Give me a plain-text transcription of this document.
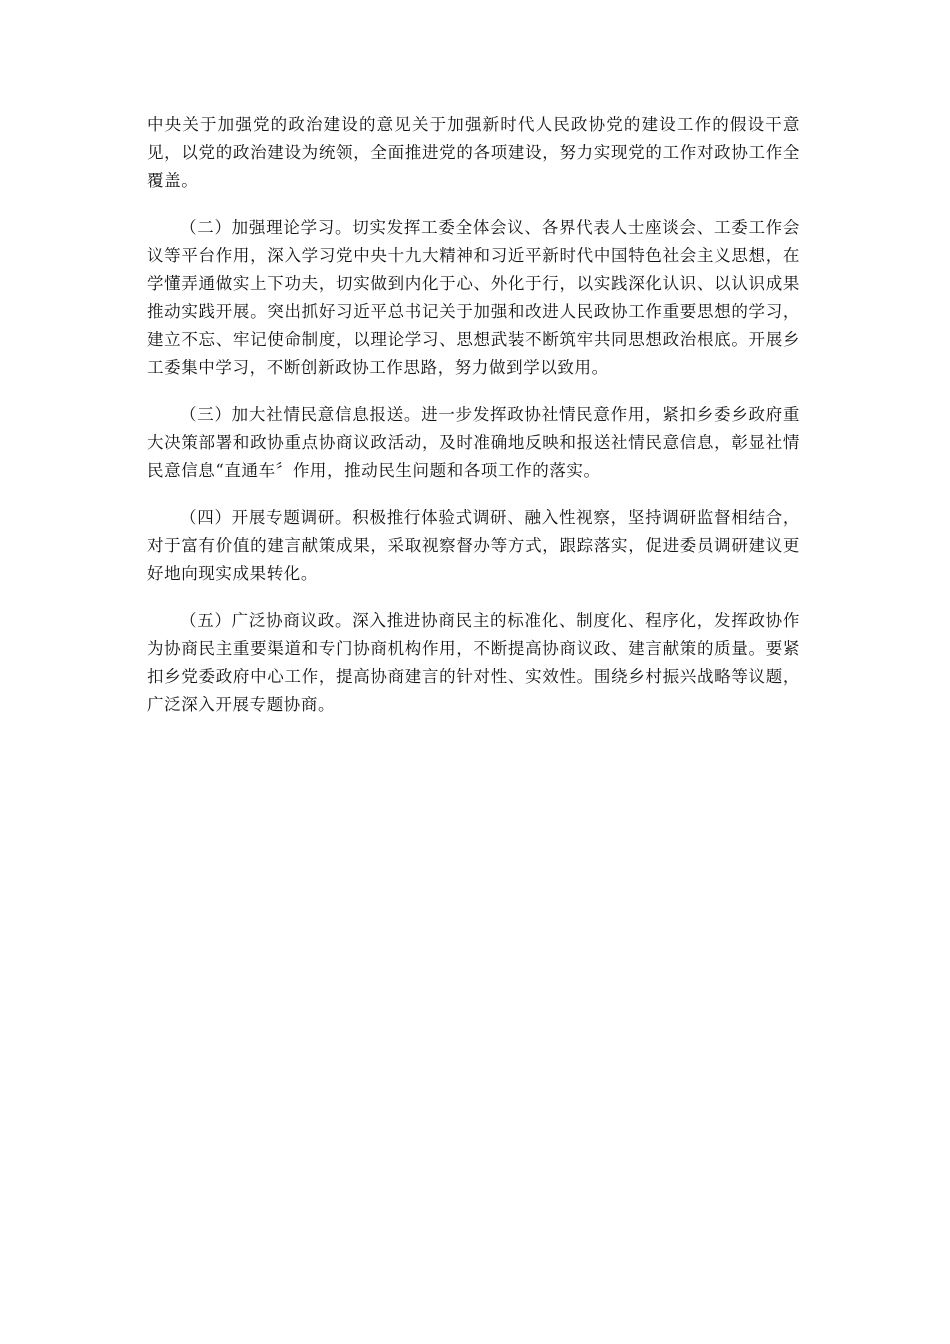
中央关于加强党的政治建设的意见关于加强新时代人民政协党的建设工作的假设干意见，以党的政治建设为统领，全面推进党的各项建设，努力实现党的工作对政协工作全覆盖。

（二）加强理论学习。切实发挥工委全体会议、各界代表人士座谈会、工委工作会议等平台作用，深入学习党中央十九大精神和习近平新时代中国特色社会主义思想，在学懂弄通做实上下功夫，切实做到内化于心、外化于行，以实践深化认识、以认识成果推动实践开展。突出抓好习近平总书记关于加强和改进人民政协工作重要思想的学习，建立不忘、牢记使命制度，以理论学习、思想武装不断筑牢共同思想政治根底。开展乡工委集中学习，不断创新政协工作思路，努力做到学以致用。

（三）加大社情民意信息报送。进一步发挥政协社情民意作用，紧扣乡委乡政府重大决策部署和政协重点协商议政活动，及时准确地反映和报送社情民意信息，彰显社情民意信息“直通车〞作用，推动民生问题和各项工作的落实。

（四）开展专题调研。积极推行体验式调研、融入性视察，坚持调研监督相结合，对于富有价值的建言献策成果，采取视察督办等方式，跟踪落实，促进委员调研建议更好地向现实成果转化。

（五）广泛协商议政。深入推进协商民主的标准化、制度化、程序化，发挥政协作为协商民主重要渠道和专门协商机构作用，不断提高协商议政、建言献策的质量。要紧扣乡党委政府中心工作，提高协商建言的针对性、实效性。围绕乡村振兴战略等议题，广泛深入开展专题协商。
